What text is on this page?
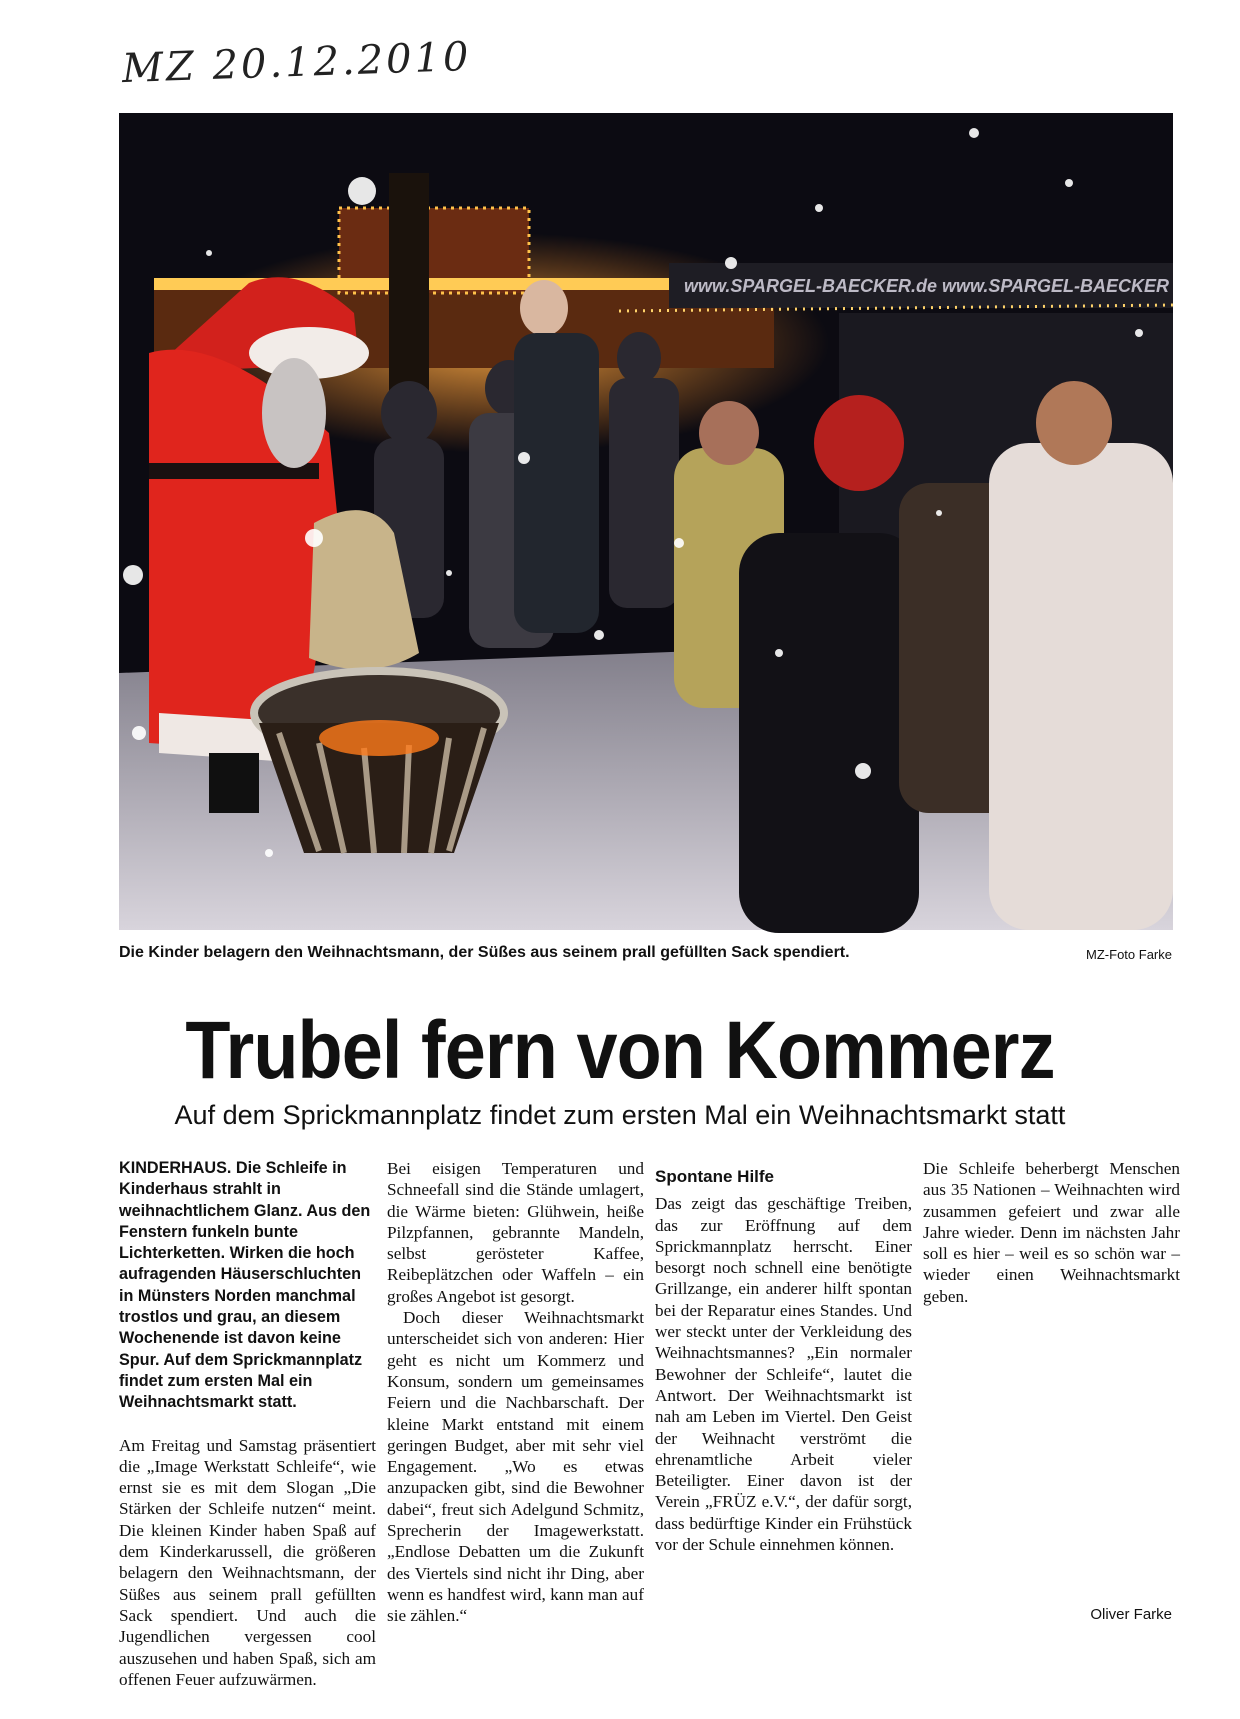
MZ 20.12.2010
www.SPARGEL-BAECKER.de www.SPARGEL-BAECKER
Die Kinder belagern den Weihnachtsmann, der Süßes aus seinem prall gefüllten Sack spendiert.	MZ-Foto Farke
Trubel fern von Kommerz
Auf dem Sprickmannplatz findet zum ersten Mal ein Weihnachtsmarkt statt
KINDERHAUS. Die Schleife in Kinderhaus strahlt in weihnachtlichem Glanz. Aus den Fenstern funkeln bunte Lichterketten. Wirken die hoch aufragenden Häuserschluchten in Münsters Norden manchmal trostlos und grau, an diesem Wochenende ist davon keine Spur. Auf dem Sprickmannplatz findet zum ersten Mal ein Weihnachtsmarkt statt.

Am Freitag und Samstag präsentiert die „Image Werkstatt Schleife“, wie ernst sie es mit dem Slogan „Die Stärken der Schleife nutzen“ meint. Die kleinen Kinder haben Spaß auf dem Kinderkarussell, die größeren belagern den Weihnachtsmann, der Süßes aus seinem prall gefüllten Sack spendiert. Und auch die Jugendlichen vergessen cool auszusehen und haben Spaß, sich am offenen Feuer aufzuwärmen.

Bei eisigen Temperaturen und Schneefall sind die Stände umlagert, die Wärme bieten: Glühwein, heiße Pilzpfannen, gebrannte Mandeln, selbst gerösteter Kaffee, Reibeplätzchen oder Waffeln – ein großes Angebot ist gesorgt.

Doch dieser Weihnachtsmarkt unterscheidet sich von anderen: Hier geht es nicht um Kommerz und Konsum, sondern um gemeinsames Feiern und die Nachbarschaft. Der kleine Markt entstand mit einem geringen Budget, aber mit sehr viel Engagement. „Wo es etwas anzupacken gibt, sind die Bewohner dabei“, freut sich Adelgund Schmitz, Sprecherin der Imagewerkstatt. „Endlose Debatten um die Zukunft des Viertels sind nicht ihr Ding, aber wenn es handfest wird, kann man auf sie zählen.“

Spontane Hilfe

Das zeigt das geschäftige Treiben, das zur Eröffnung auf dem Sprickmannplatz herrscht. Einer besorgt noch schnell eine benötigte Grillzange, ein anderer hilft spontan bei der Reparatur eines Standes. Und wer steckt unter der Verkleidung des Weihnachtsmannes? „Ein normaler Bewohner der Schleife“, lautet die Antwort. Der Weihnachtsmarkt ist nah am Leben im Viertel. Den Geist der Weihnacht verströmt die ehrenamtliche Arbeit vieler Beteiligter. Einer davon ist der Verein „FRÜZ e.V.“, der dafür sorgt, dass bedürftige Kinder ein Frühstück vor der Schule einnehmen können.

Die Schleife beherbergt Menschen aus 35 Nationen – Weihnachten wird zusammen gefeiert und zwar alle Jahre wieder. Denn im nächsten Jahr soll es hier – weil es so schön war – wieder einen Weihnachtsmarkt geben.

Oliver Farke
